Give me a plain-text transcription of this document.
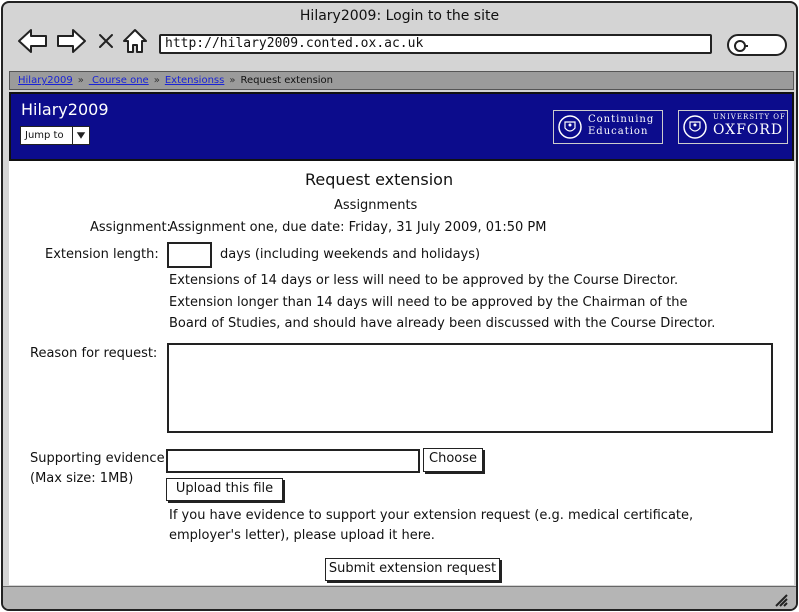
Hilary2009: Login to the site
http://hilary2009.conted.ox.ac.uk
Hilary2009 » Course one » Extensionss » Request extension
Hilary2009
Jump to
Continuing
Education
UNIVERSITY OF
OXFORD
Request extension
Assignments
Assignment:
Assignment one, due date: Friday, 31 July 2009, 01:50 PM
Extension length:	days (including weekends and holidays)
Extensions of 14 days or less will need to be approved by the Course Director.
Extension longer than 14 days will need to be approved by the Chairman of the
Board of Studies, and should have already been discussed with the Course Director.
Reason for request:
Supporting evidence
(Max size: 1MB)
Choose
Upload this file
If you have evidence to support your extension request (e.g. medical certificate,
employer's letter), please upload it here.
Submit extension request
